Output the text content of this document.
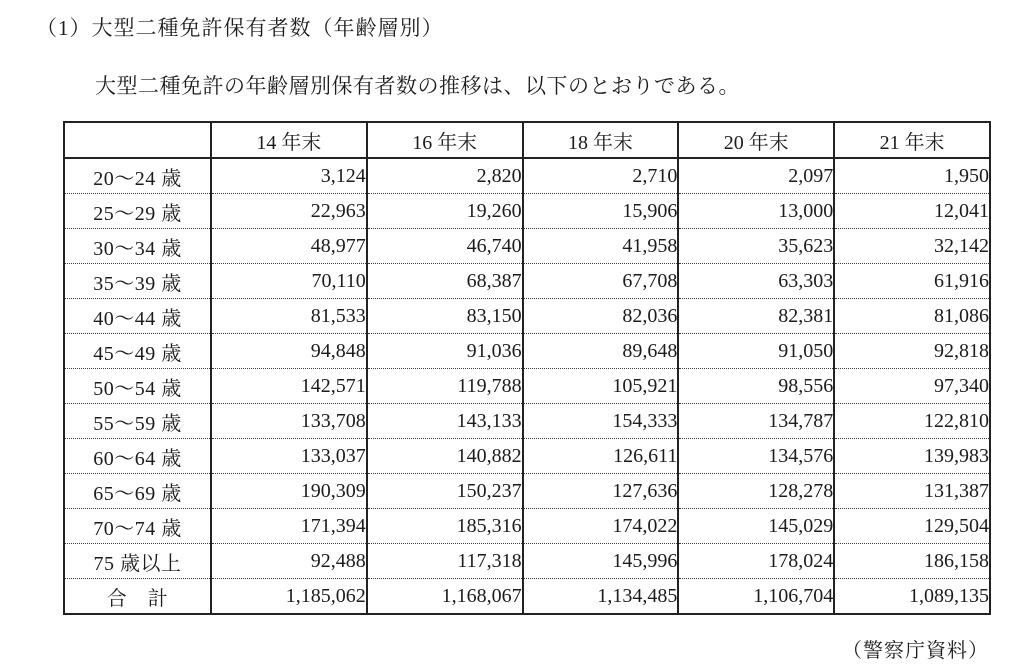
（1）大型二種免許保有者数（年齢層別）
大型二種免許の年齢層別保有者数の推移は、以下のとおりである。
	14 年末	16 年末	18 年末	20 年末	21 年末
20〜24 歳	3,124	2,820	2,710	2,097	1,950
25〜29 歳	22,963	19,260	15,906	13,000	12,041
30〜34 歳	48,977	46,740	41,958	35,623	32,142
35〜39 歳	70,110	68,387	67,708	63,303	61,916
40〜44 歳	81,533	83,150	82,036	82,381	81,086
45〜49 歳	94,848	91,036	89,648	91,050	92,818
50〜54 歳	142,571	119,788	105,921	98,556	97,340
55〜59 歳	133,708	143,133	154,333	134,787	122,810
60〜64 歳	133,037	140,882	126,611	134,576	139,983
65〜69 歳	190,309	150,237	127,636	128,278	131,387
70〜74 歳	171,394	185,316	174,022	145,029	129,504
75 歳以上	92,488	117,318	145,996	178,024	186,158
合　計	1,185,062	1,168,067	1,134,485	1,106,704	1,089,135
（警察庁資料）
